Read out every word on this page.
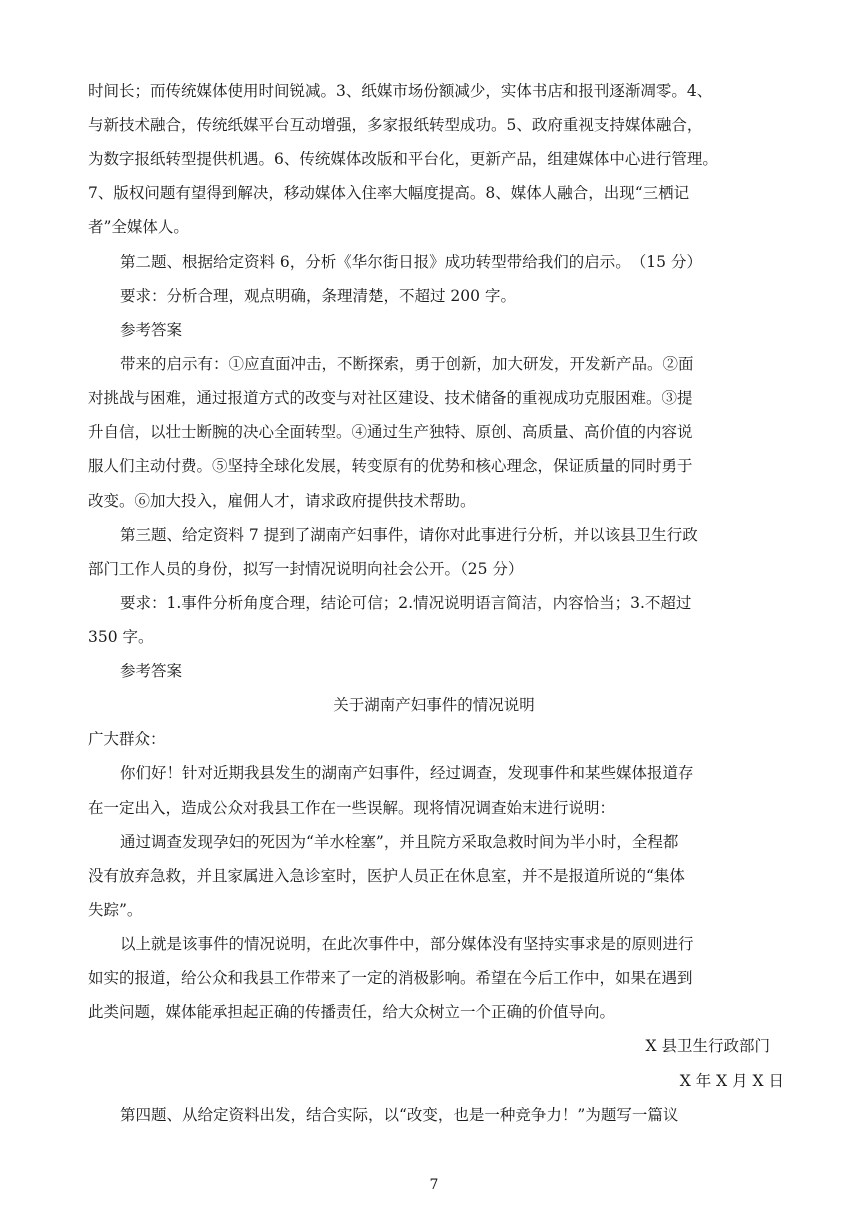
时间长；而传统媒体使用时间锐减。3、纸媒市场份额减少，实体书店和报刊逐渐凋零。4、
与新技术融合，传统纸媒平台互动增强，多家报纸转型成功。5、政府重视支持媒体融合，
为数字报纸转型提供机遇。6、传统媒体改版和平台化，更新产品，组建媒体中心进行管理。
7、版权问题有望得到解决，移动媒体入住率大幅度提高。8、媒体人融合，出现“三栖记
者”全媒体人。
第二题、根据给定资料 6，分析《华尔街日报》成功转型带给我们的启示。　（15 分）
要求：分析合理，观点明确，条理清楚，不超过 200 字。
参考答案
带来的启示有：①应直面冲击，不断探索，勇于创新，加大研发，开发新产品。②面
对挑战与困难，通过报道方式的改变与对社区建设、技术储备的重视成功克服困难。③提
升自信，以壮士断腕的决心全面转型。④通过生产独特、原创、高质量、高价值的内容说
服人们主动付费。⑤坚持全球化发展，转变原有的优势和核心理念，保证质量的同时勇于
改变。⑥加大投入，雇佣人才，请求政府提供技术帮助。
第三题、给定资料 7 提到了湖南产妇事件，请你对此事进行分析，并以该县卫生行政
部门工作人员的身份，拟写一封情况说明向社会公开。（25 分）
要求：1.事件分析角度合理，结论可信；2.情况说明语言简洁，内容恰当；3.不超过
350 字。
参考答案
关于湖南产妇事件的情况说明
广大群众：
你们好！针对近期我县发生的湖南产妇事件，经过调查，发现事件和某些媒体报道存
在一定出入，造成公众对我县工作在一些误解。现将情况调查始末进行说明：
通过调查发现孕妇的死因为“羊水栓塞”，并且院方采取急救时间为半小时，全程都
没有放弃急救，并且家属进入急诊室时，医护人员正在休息室，并不是报道所说的“集体
失踪”。
以上就是该事件的情况说明，在此次事件中，部分媒体没有坚持实事求是的原则进行
如实的报道，给公众和我县工作带来了一定的消极影响。希望在今后工作中，如果在遇到
此类问题，媒体能承担起正确的传播责任，给大众树立一个正确的价值导向。
X 县卫生行政部门
X 年 X 月 X 日
第四题、从给定资料出发，结合实际，以“改变，也是一种竞争力！”为题写一篇议
7
